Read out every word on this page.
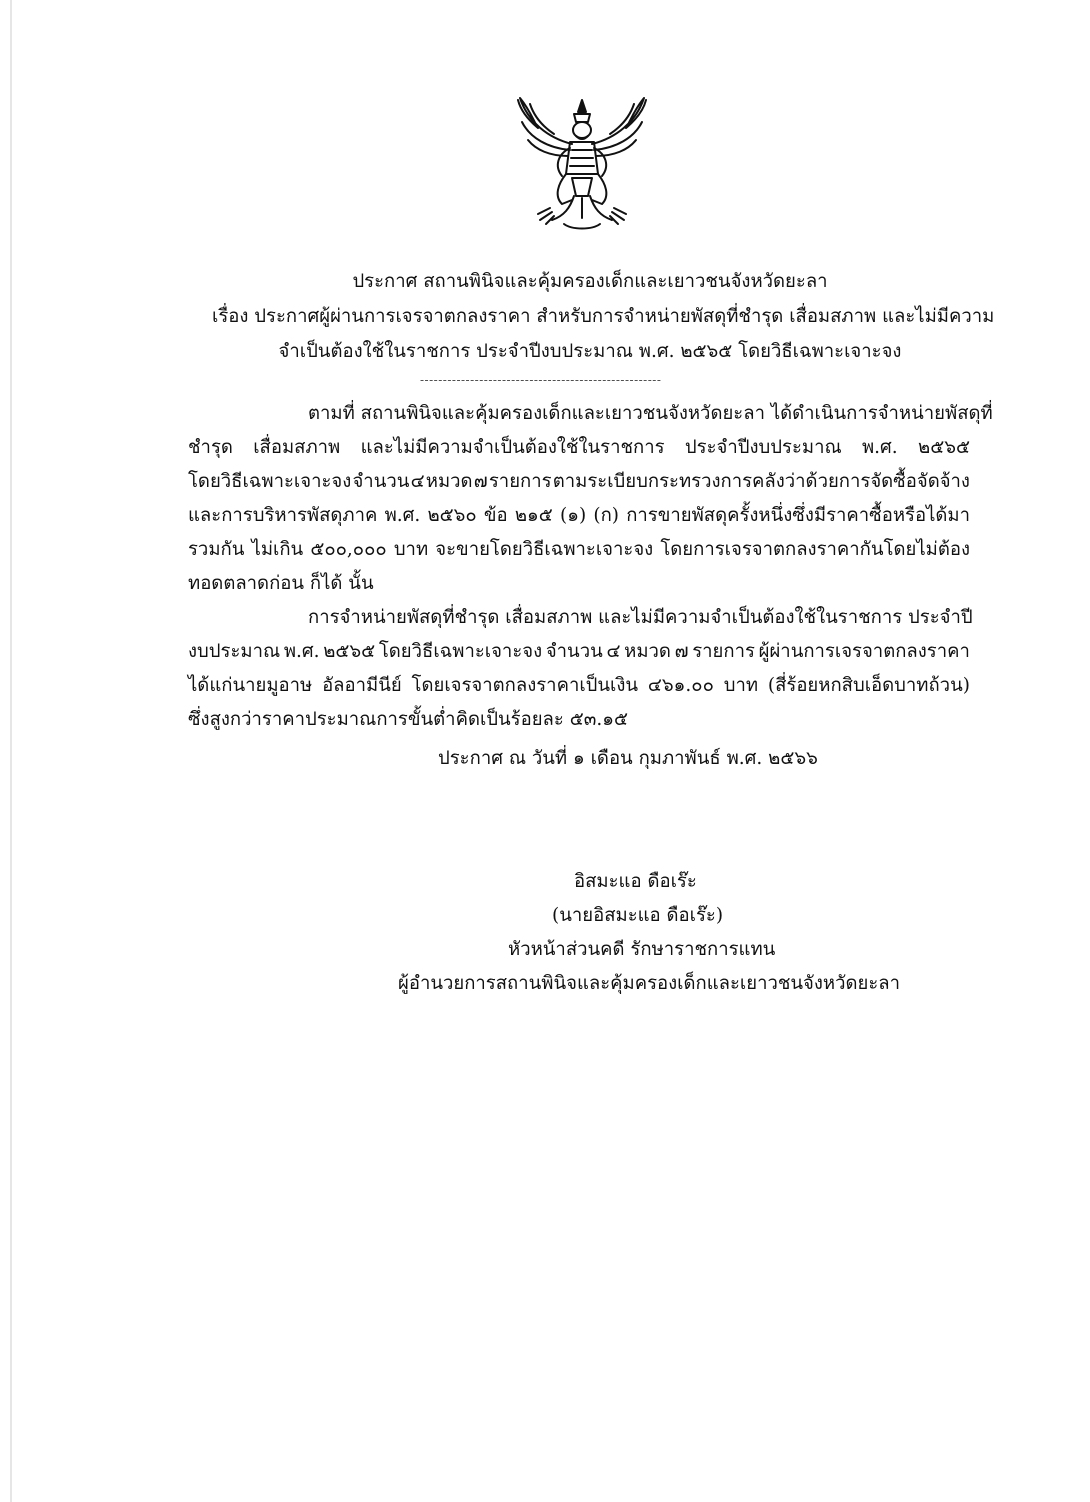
ประกาศ สถานพินิจและคุ้มครองเด็กและเยาวชนจังหวัดยะลา
เรื่อง ประกาศผู้ผ่านการเจรจาตกลงราคา สำหรับการจำหน่ายพัสดุที่ชำรุด เสื่อมสภาพ และไม่มีความ
จำเป็นต้องใช้ในราชการ ประจำปีงบประมาณ พ.ศ. ๒๕๖๕ โดยวิธีเฉพาะเจาะจง
-----------------------------------------------------
ตามที่ สถานพินิจและคุ้มครองเด็กและเยาวชนจังหวัดยะลา ได้ดำเนินการจำหน่ายพัสดุที่
ชำรุด เสื่อมสภาพ และไม่มีความจำเป็นต้องใช้ในราชการ ประจำปีงบประมาณ พ.ศ. ๒๕๖๕
โดยวิธีเฉพาะเจาะจง จำนวน ๔ หมวด ๗ รายการ ตามระเบียบกระทรวงการคลังว่าด้วยการจัดซื้อจัดจ้าง
และการบริหารพัสดุภาค พ.ศ. ๒๕๖๐ ข้อ ๒๑๕ (๑) (ก) การขายพัสดุครั้งหนึ่งซึ่งมีราคาซื้อหรือได้มา
รวมกัน ไม่เกิน ๕๐๐,๐๐๐ บาท จะขายโดยวิธีเฉพาะเจาะจง โดยการเจรจาตกลงราคากันโดยไม่ต้อง
ทอดตลาดก่อน ก็ได้ นั้น
การจำหน่ายพัสดุที่ชำรุด เสื่อมสภาพ และไม่มีความจำเป็นต้องใช้ในราชการ ประจำปี
งบประมาณ พ.ศ. ๒๕๖๕ โดยวิธีเฉพาะเจาะจง จำนวน ๔ หมวด ๗ รายการ ผู้ผ่านการเจรจาตกลงราคา
ได้แก่นายมูอาษ อัลอามีนีย์ โดยเจรจาตกลงราคาเป็นเงิน ๔๖๑.๐๐ บาท (สี่ร้อยหกสิบเอ็ดบาทถ้วน)
ซึ่งสูงกว่าราคาประมาณการขั้นต่ำคิดเป็นร้อยละ ๕๓.๑๕
ประกาศ ณ วันที่ ๑ เดือน กุมภาพันธ์ พ.ศ. ๒๕๖๖
อิสมะแอ ดือเร๊ะ
(นายอิสมะแอ ดือเร๊ะ)
หัวหน้าส่วนคดี รักษาราชการแทน
ผู้อำนวยการสถานพินิจและคุ้มครองเด็กและเยาวชนจังหวัดยะลา
